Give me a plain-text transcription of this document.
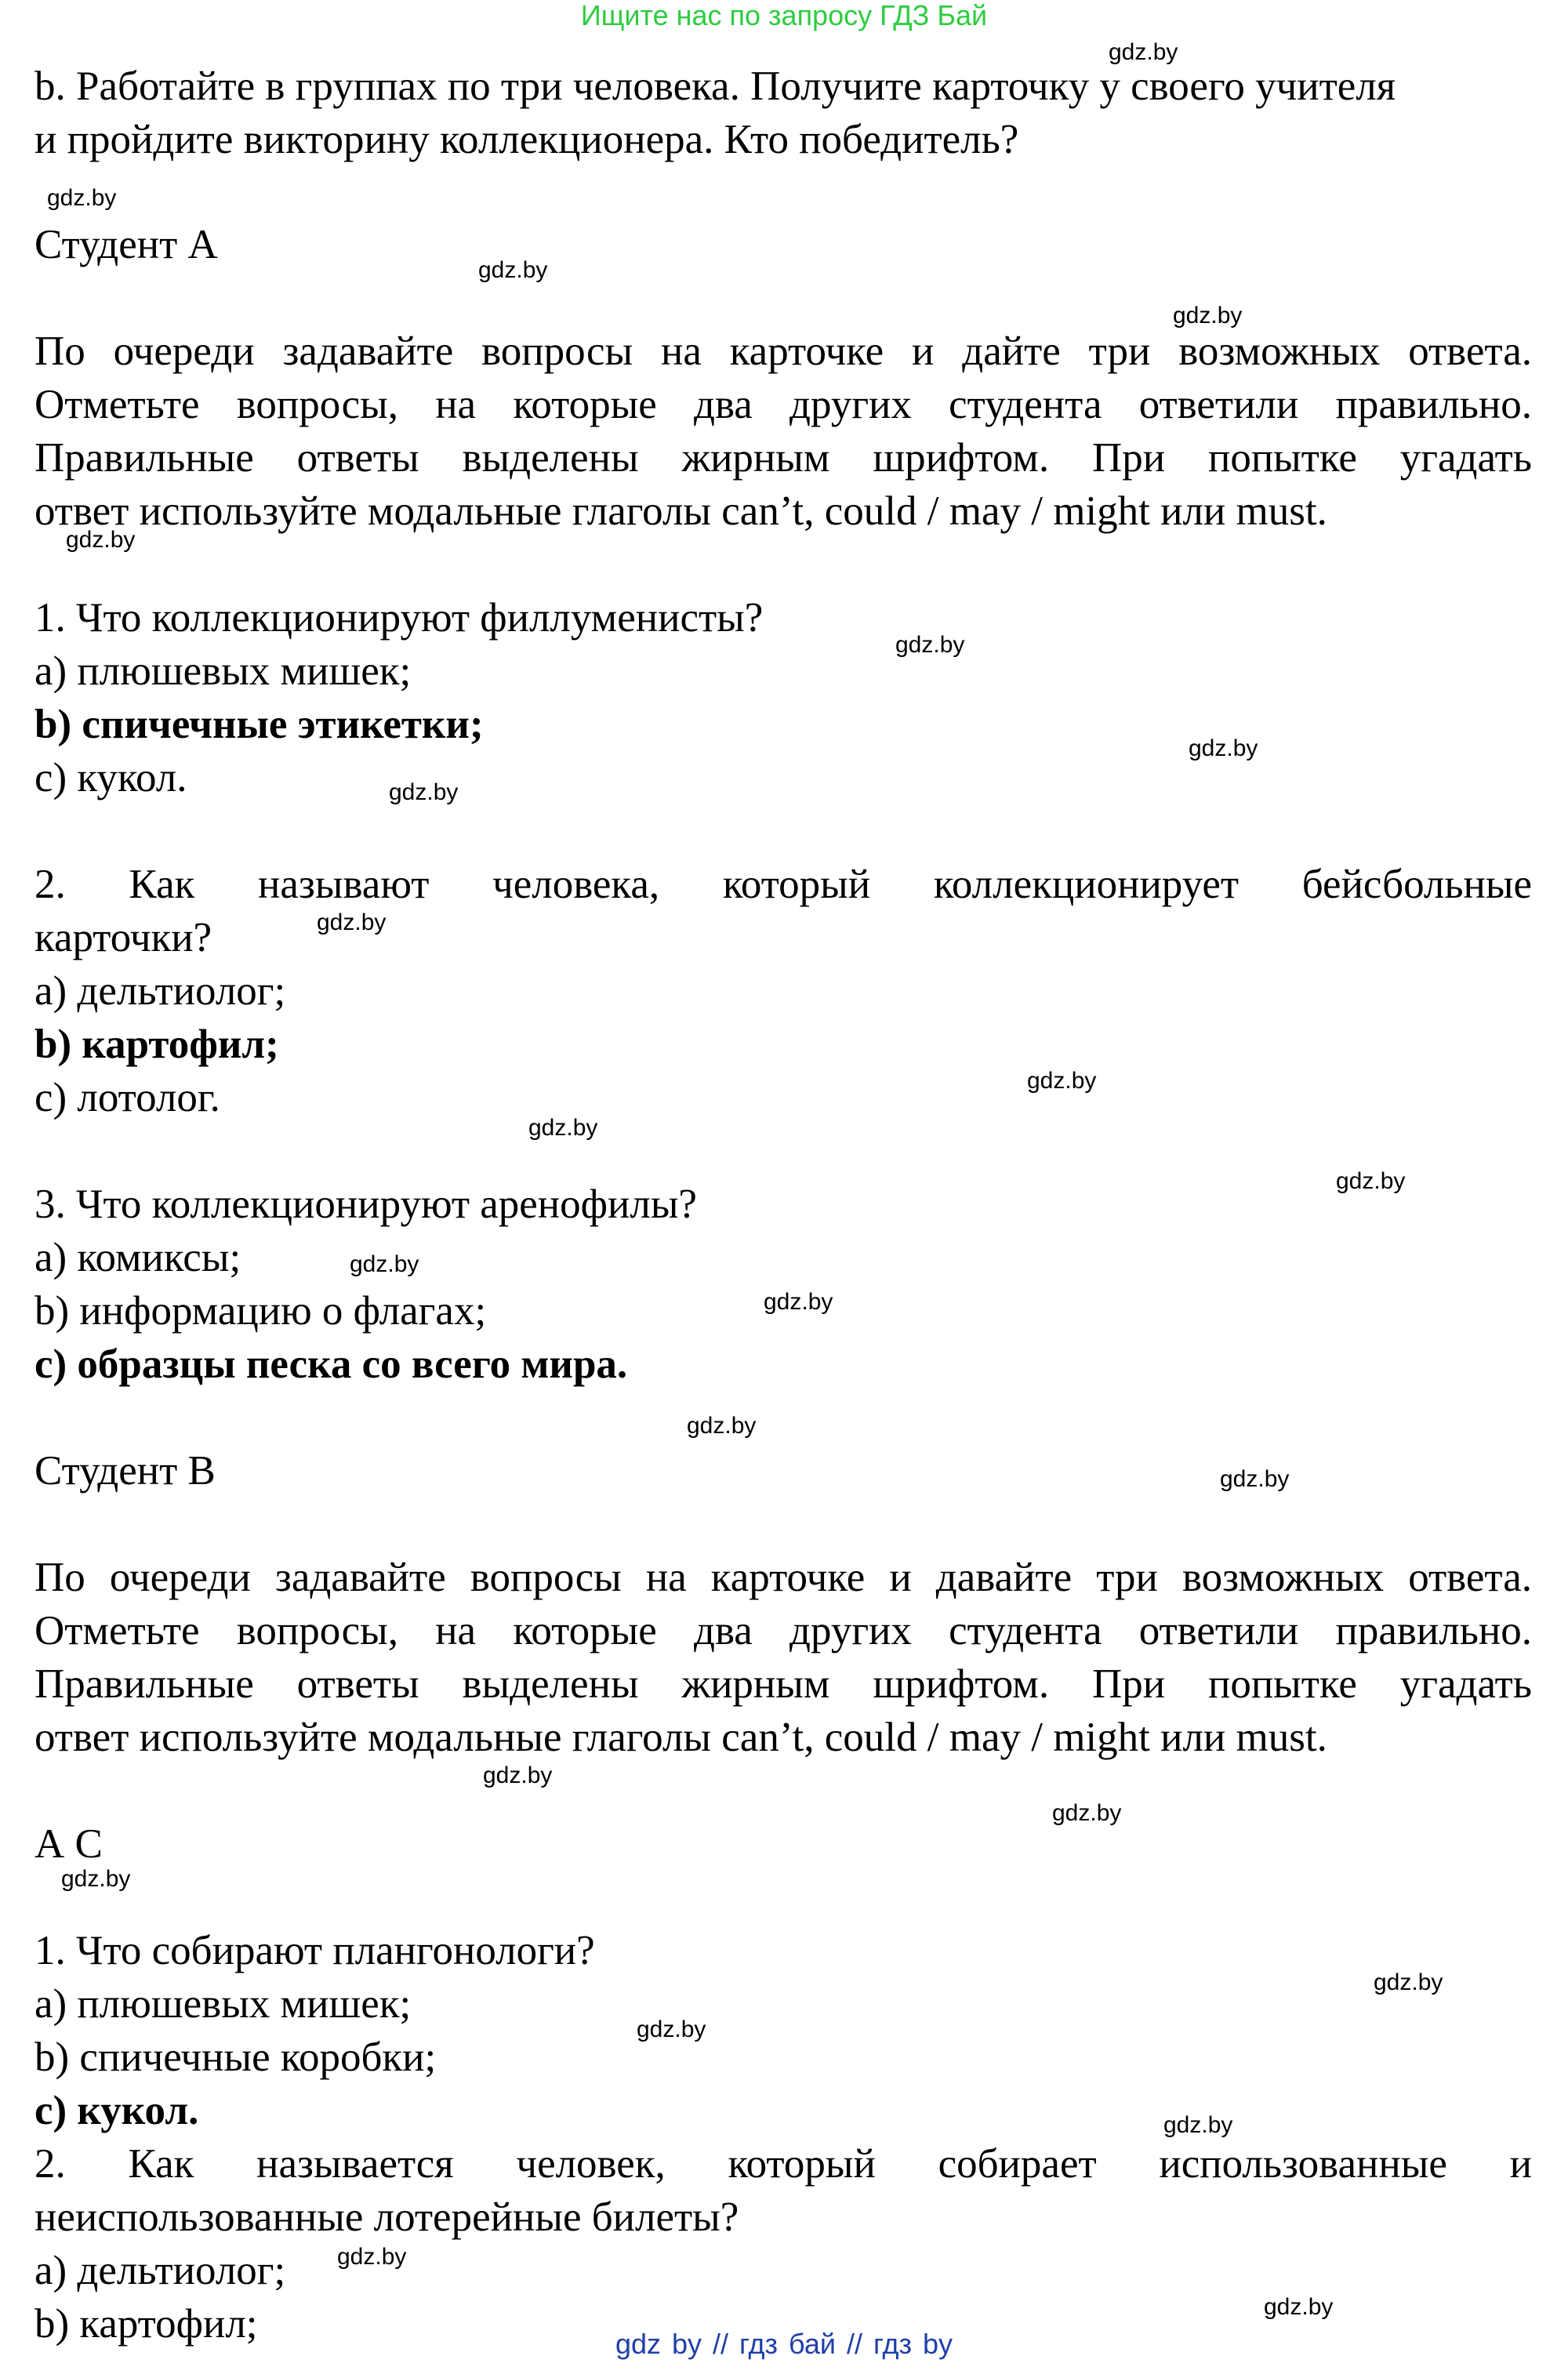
Ищите нас по запросу ГДЗ Бай
b. Работайте в группах по три человека. Получите карточку у своего учителя
и пройдите викторину коллекционера. Кто победитель?
Студент А
По очереди задавайте вопросы на карточке и дайте три возможных ответа.
Отметьте вопросы, на которые два других студента ответили правильно.
Правильные ответы выделены жирным шрифтом. При попытке угадать
ответ используйте модальные глаголы can’t, could / may / might или must.
1. Что коллекционируют филлуменисты?
а) плюшевых мишек;
b) спичечные этикетки;
c) кукол.
2. Как называют человека, который коллекционирует бейсбольные
карточки?
а) дельтиолог;
b) картофил;
c) лотолог.
3. Что коллекционируют аренофилы?
а) комиксы;
b) информацию о флагах;
c) образцы песка со всего мира.
Студент В
По очереди задавайте вопросы на карточке и давайте три возможных ответа.
Отметьте вопросы, на которые два других студента ответили правильно.
Правильные ответы выделены жирным шрифтом. При попытке угадать
ответ используйте модальные глаголы can’t, could / may / might или must.
А С
1. Что собирают плангонологи?
а) плюшевых мишек;
b) спичечные коробки;
c) кукол.
2. Как называется человек, который собирает использованные и
неиспользованные лотерейные билеты?
а) дельтиолог;
b) картофил;
gdz.by
gdz.by
gdz.by
gdz.by
gdz.by
gdz.by
gdz.by
gdz.by
gdz.by
gdz.by
gdz.by
gdz.by
gdz.by
gdz.by
gdz.by
gdz.by
gdz.by
gdz.by
gdz.by
gdz.by
gdz.by
gdz.by
gdz.by
gdz.by
gdz by // гдз бай // гдз by
